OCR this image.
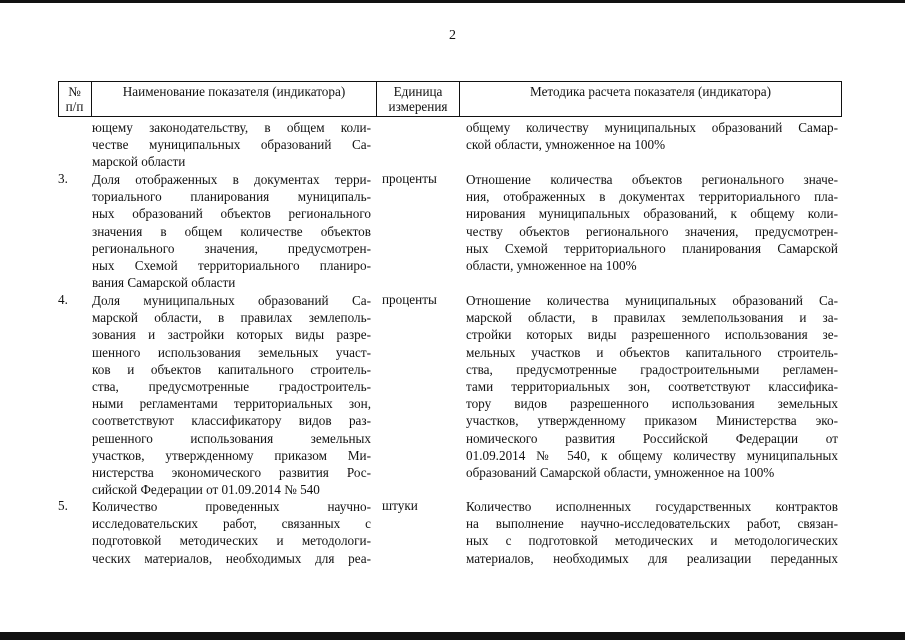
2
№
п/п
Наименование показателя (индикатора)	Единица
измерения
Методика расчета показателя (индикатора)
ющему законодательству, в общем коли-
честве муниципальных образований Са-
марской области
общему количеству муниципальных образований Самар-
ской области, умноженное на 100%
3. Доля отображенных в документах терри-
ториального планирования муниципаль-
ных образований объектов регионального
значения в общем количестве объектов
регионального значения, предусмотрен-
ных Схемой территориального планиро-
вания Самарской области
проценты Отношение количества объектов регионального значе-
ния, отображенных в документах территориального пла-
нирования муниципальных образований, к общему коли-
честву объектов регионального значения, предусмотрен-
ных Схемой территориального планирования Самарской
области, умноженное на 100%
4. Доля муниципальных образований Са-
марской области, в правилах землеполь-
зования и застройки которых виды разре-
шенного использования земельных участ-
ков и объектов капитального строитель-
ства, предусмотренные градостроитель-
ными регламентами территориальных зон,
соответствуют классификатору видов раз-
решенного использования земельных
участков, утвержденному приказом Ми-
нистерства экономического развития Рос-
сийской Федерации от 01.09.2014 № 540
проценты Отношение количества муниципальных образований Са-
марской области, в правилах землепользования и за-
стройки которых виды разрешенного использования зе-
мельных участков и объектов капитального строитель-
ства, предусмотренные градостроительными регламен-
тами территориальных зон, соответствуют классифика-
тору видов разрешенного использования земельных
участков, утвержденному приказом Министерства эко-
номического развития Российской Федерации от
01.09.2014 № 540, к общему количеству муниципальных
образований Самарской области, умноженное на 100%
5. Количество проведенных научно-
исследовательских работ, связанных с
подготовкой методических и методологи-
ческих материалов, необходимых для реа-
штуки	Количество исполненных государственных контрактов
на выполнение научно-исследовательских работ, связан-
ных с подготовкой методических и методологических
материалов, необходимых для реализации переданных
